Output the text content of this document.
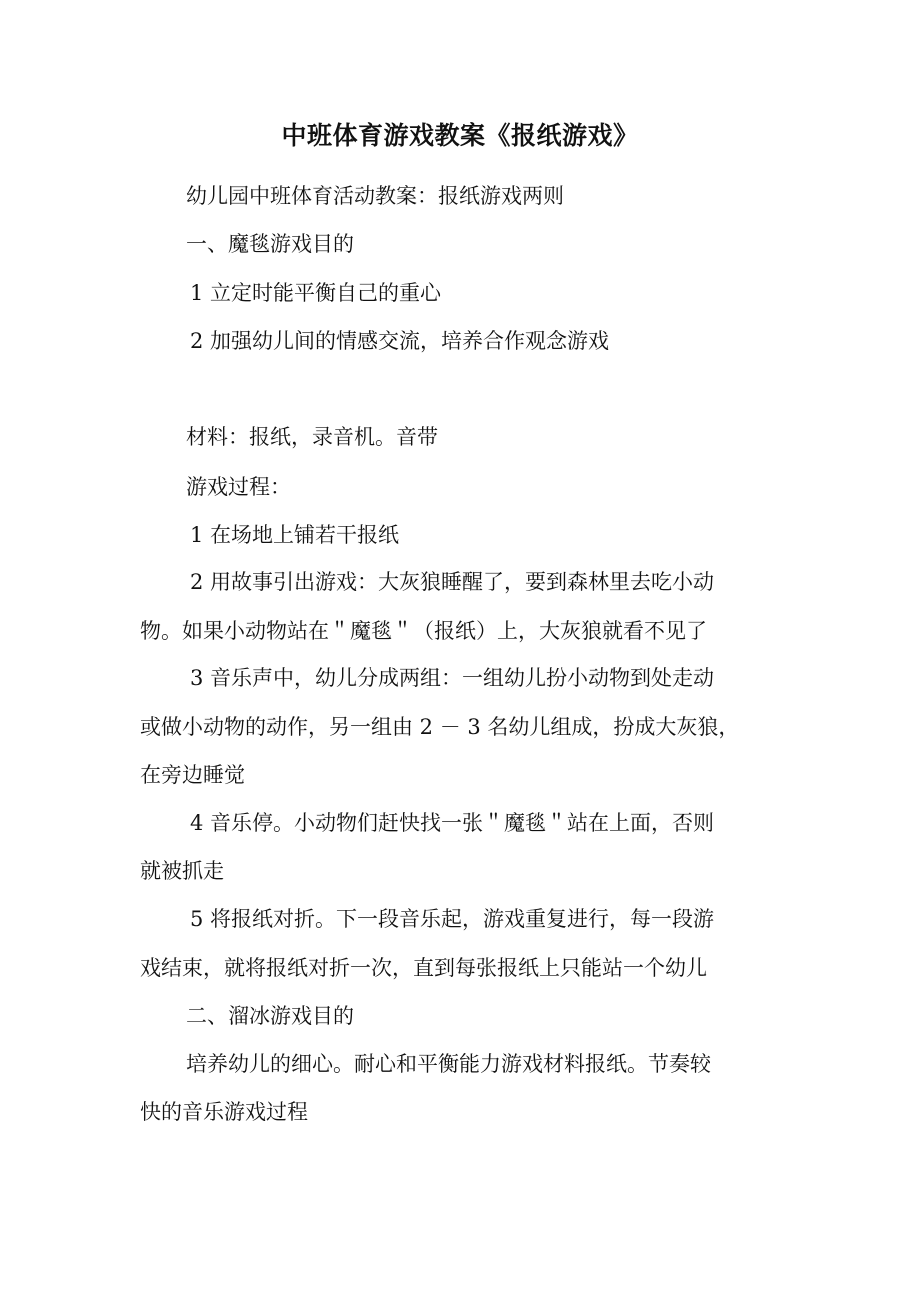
中班体育游戏教案《报纸游戏》
幼儿园中班体育活动教案：报纸游戏两则
一、魔毯游戏目的
1 立定时能平衡自己的重心
2 加强幼儿间的情感交流，培养合作观念游戏
材料：报纸，录音机。音带
游戏过程：
1 在场地上铺若干报纸
2 用故事引出游戏：大灰狼睡醒了，要到森林里去吃小动
物。如果小动物站在＂魔毯＂（报纸）上，大灰狼就看不见了
3 音乐声中，幼儿分成两组：一组幼儿扮小动物到处走动
或做小动物的动作，另一组由 2 － 3 名幼儿组成，扮成大灰狼，
在旁边睡觉
4 音乐停。小动物们赶快找一张＂魔毯＂站在上面，否则
就被抓走
5 将报纸对折。下一段音乐起，游戏重复进行，每一段游
戏结束，就将报纸对折一次，直到每张报纸上只能站一个幼儿
二、溜冰游戏目的
培养幼儿的细心。耐心和平衡能力游戏材料报纸。节奏较
快的音乐游戏过程
